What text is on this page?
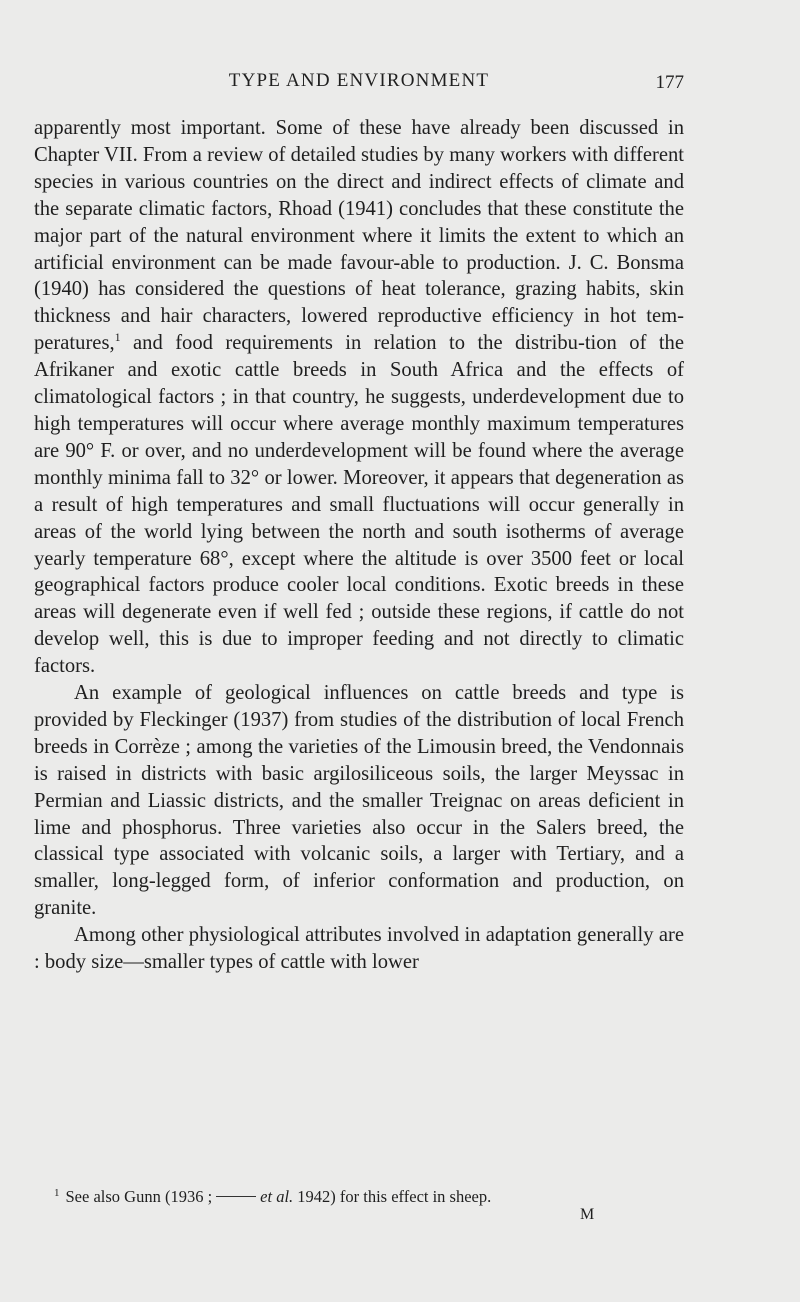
TYPE AND ENVIRONMENT	177

apparently most important. Some of these have already been discussed in Chapter VII. From a review of detailed studies by many workers with different species in various countries on the direct and indirect effects of climate and the separate climatic factors, Rhoad (1941) concludes that these constitute the major part of the natural environment where it limits the extent to which an artificial environment can be made favour-able to production. J. C. Bonsma (1940) has considered the questions of heat tolerance, grazing habits, skin thickness and hair characters, lowered reproductive efficiency in hot tem-peratures,$^1$ and food requirements in relation to the distribu-tion of the Afrikaner and exotic cattle breeds in South Africa and the effects of climatological factors ; in that country, he suggests, underdevelopment due to high temperatures will occur where average monthly maximum temperatures are 90° F. or over, and no underdevelopment will be found where the average monthly minima fall to 32° or lower. Moreover, it appears that degeneration as a result of high temperatures and small fluctuations will occur generally in areas of the world lying between the north and south isotherms of average yearly temperature 68°, except where the altitude is over 3500 feet or local geographical factors produce cooler local conditions. Exotic breeds in these areas will degenerate even if well fed ; outside these regions, if cattle do not develop well, this is due to improper feeding and not directly to climatic factors.

An example of geological influences on cattle breeds and type is provided by Fleckinger (1937) from studies of the distribution of local French breeds in Corrèze ; among the varieties of the Limousin breed, the Vendonnais is raised in districts with basic argilosiliceous soils, the larger Meyssac in Permian and Liassic districts, and the smaller Treignac on areas deficient in lime and phosphorus. Three varieties also occur in the Salers breed, the classical type associated with volcanic soils, a larger with Tertiary, and a smaller, long-legged form, of inferior conformation and production, on granite.

Among other physiological attributes involved in adaptation generally are : body size—smaller types of cattle with lower

$^1$ See also Gunn (1936 ;	et al. 1942) for this effect in sheep.
M
